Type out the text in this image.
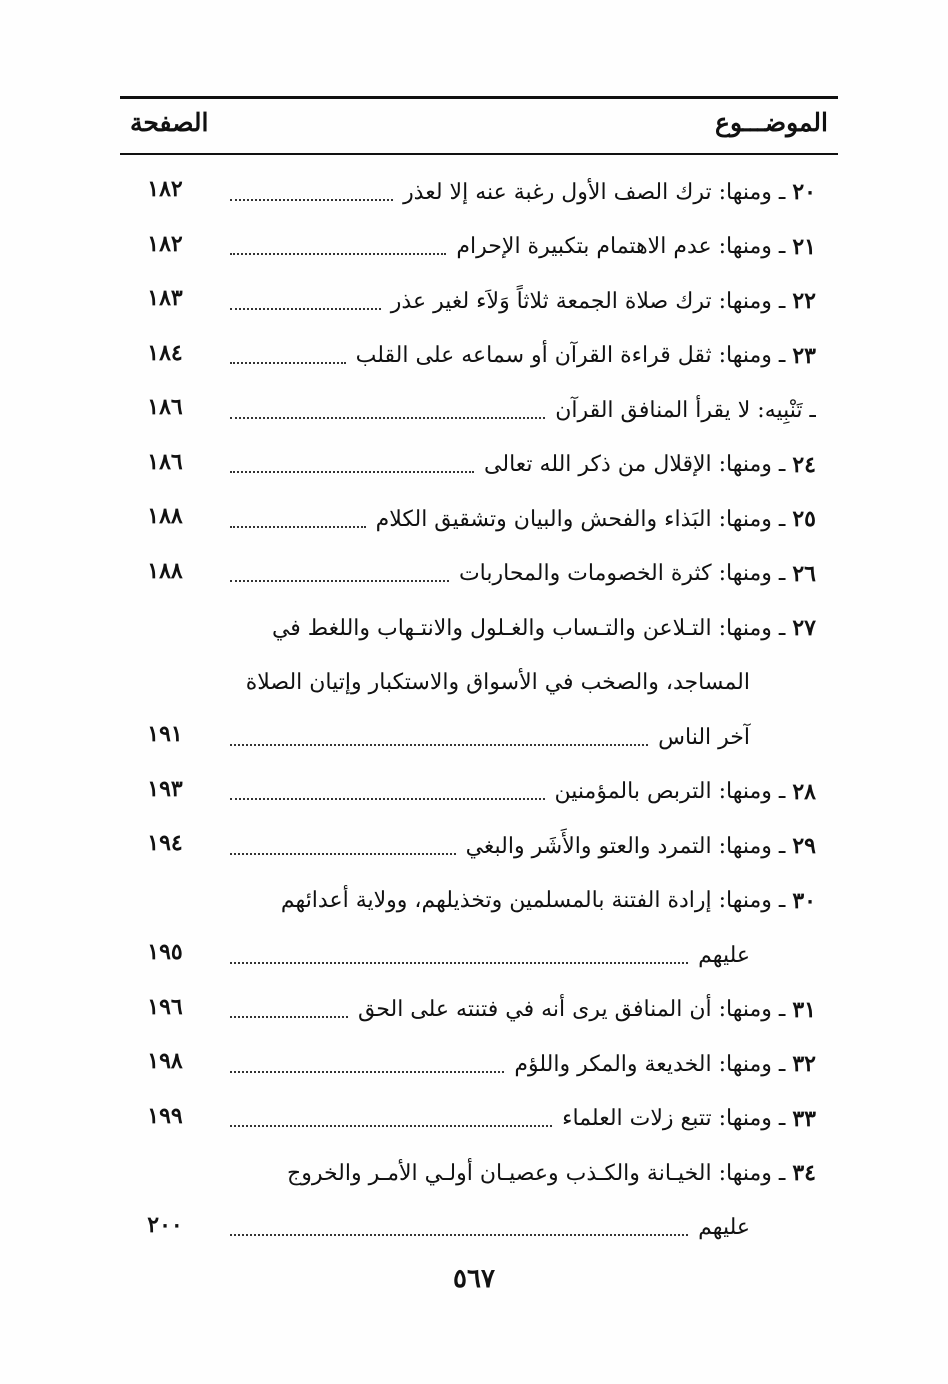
الموضـــوع
الصفحة
٢٠

ـ ومنها: ترك الصف الأول رغبة عنه إلا لعذر
١٨٢
٢١

ـ ومنها: عدم الاهتمام بتكبيرة الإحرام
١٨٢
٢٢

ـ ومنها: ترك صلاة الجمعة ثلاثاً وَلاَء لغير عذر
١٨٣
٢٣

ـ ومنها: ثقل قراءة القرآن أو سماعه على القلب
١٨٤
ـ تَنْبِيه: لا يقرأ المنافق القرآن
١٨٦
٢٤

ـ ومنها: الإقلال من ذكر الله تعالى
١٨٦
٢٥

ـ ومنها: البَذاء والفحش والبيان وتشقيق الكلام
١٨٨
٢٦

ـ ومنها: كثرة الخصومات والمحاربات
١٨٨
٢٧

ـ ومنها: التـلاعن والتـساب والغـلول والانتـهاب واللغط في
المساجد، والصخب في الأسواق والاستكبار وإتيان الصلاة
آخر الناس
١٩١
٢٨

ـ ومنها: التربص بالمؤمنين
١٩٣
٢٩

ـ ومنها: التمرد والعتو والأَشَر والبغي
١٩٤
٣٠

ـ ومنها: إرادة الفتنة بالمسلمين وتخذيلهم، وولاية أعدائهم
عليهم
١٩٥
٣١

ـ ومنها: أن المنافق يرى أنه في فتنته على الحق
١٩٦
٣٢

ـ ومنها: الخديعة والمكر واللؤم
١٩٨
٣٣

ـ ومنها: تتبع زلات العلماء
١٩٩
٣٤

ـ ومنها: الخيـانة والكـذب وعصيـان أولـي الأمـر والخروج
عليهم
٢٠٠
٥٦٧
